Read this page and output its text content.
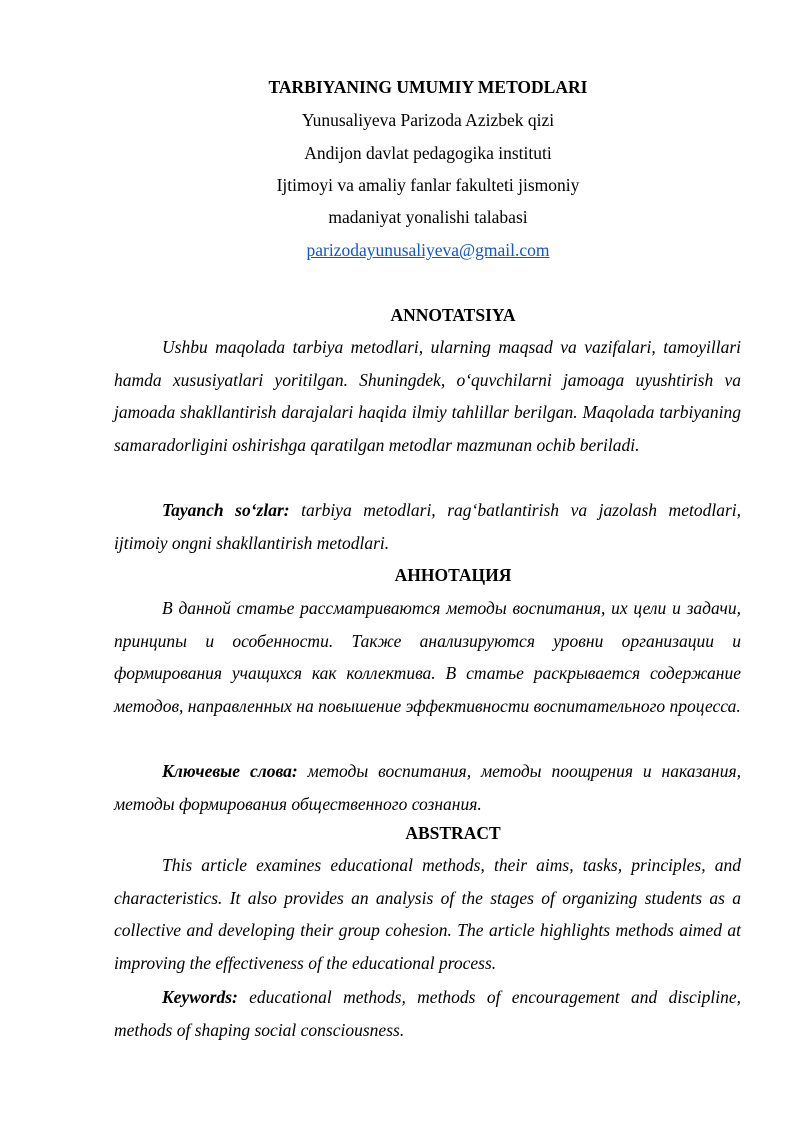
TARBIYANING UMUMIY METODLARI
Yunusaliyeva Parizoda Azizbek qizi
Andijon davlat pedagogika instituti
Ijtimoyi va amaliy fanlar fakulteti jismoniy
madaniyat yonalishi talabasi
parizodayunusaliyeva@gmail.com
ANNOTATSIYA

Ushbu maqolada tarbiya metodlari, ularning maqsad va vazifalari, tamoyillari hamda xususiyatlari yoritilgan. Shuningdek, o‘quvchilarni jamoaga uyushtirish va jamoada shakllantirish darajalari haqida ilmiy tahlillar berilgan. Maqolada tarbiyaning samaradorligini oshirishga qaratilgan metodlar mazmunan ochib beriladi.

Tayanch so‘zlar: tarbiya metodlari, rag‘batlantirish va jazolash metodlari, ijtimoiy ongni shakllantirish metodlari.

АННОТАЦИЯ

В данной статье рассматриваются методы воспитания, их цели и задачи, принципы и особенности. Также анализируются уровни организации и формирования учащихся как коллектива. В статье раскрывается содержание методов, направленных на повышение эффективности воспитательного процесса.

Ключевые слова: методы воспитания, методы поощрения и наказания, методы формирования общественного сознания.

ABSTRACT

This article examines educational methods, their aims, tasks, principles, and characteristics. It also provides an analysis of the stages of organizing students as a collective and developing their group cohesion. The article highlights methods aimed at improving the effectiveness of the educational process.

Keywords: educational methods, methods of encouragement and discipline, methods of shaping social consciousness.
